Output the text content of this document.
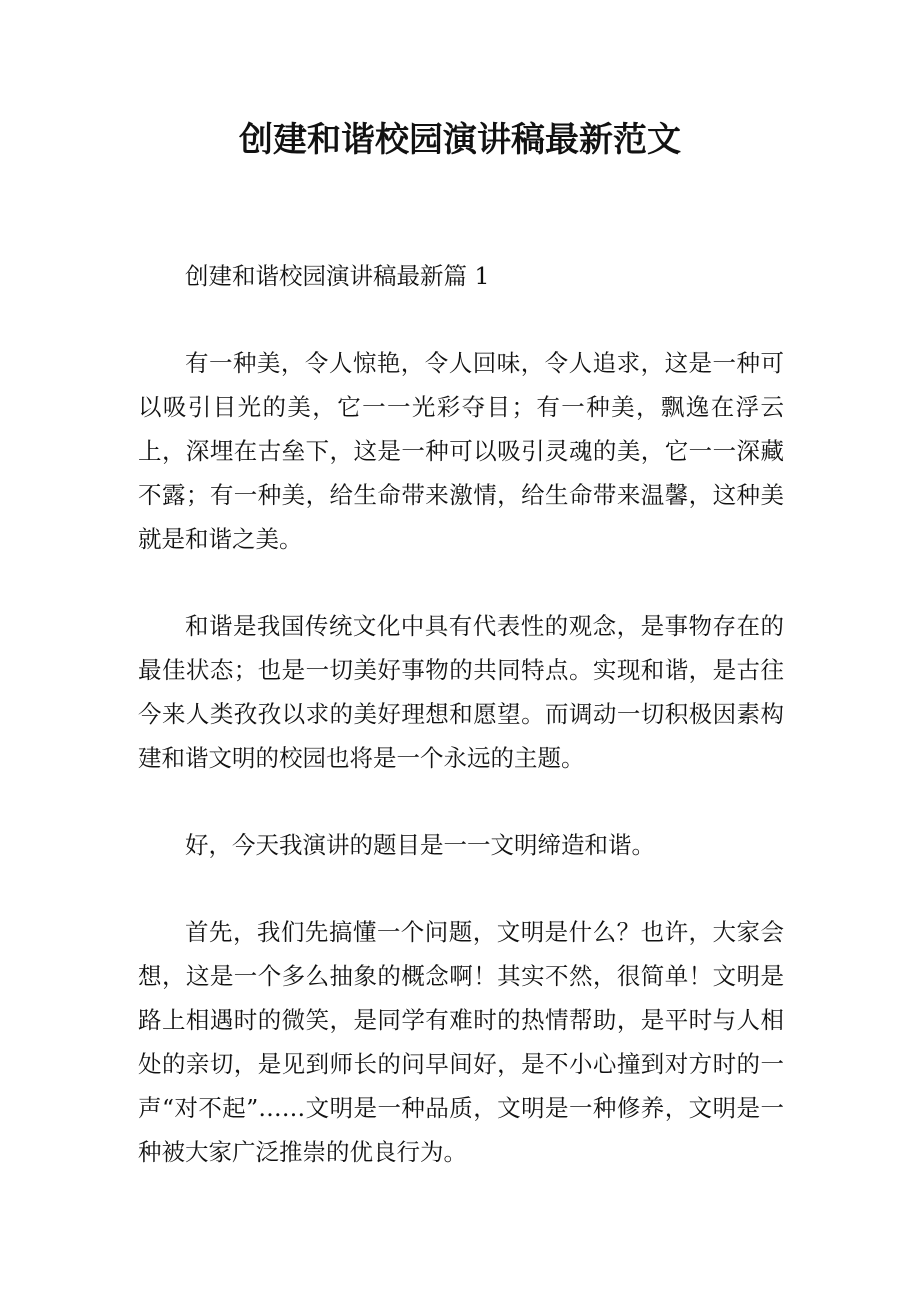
创建和谐校园演讲稿最新范文

创建和谐校园演讲稿最新篇 1

有一种美，令人惊艳，令人回味，令人追求，这是一种可以吸引目光的美，它一一光彩夺目；有一种美，飘逸在浮云上，深埋在古垒下，这是一种可以吸引灵魂的美，它一一深藏不露；有一种美，给生命带来激情，给生命带来温馨，这种美就是和谐之美。

和谐是我国传统文化中具有代表性的观念，是事物存在的最佳状态；也是一切美好事物的共同特点。实现和谐，是古往今来人类孜孜以求的美好理想和愿望。而调动一切积极因素构建和谐文明的校园也将是一个永远的主题。

好，今天我演讲的题目是一一文明缔造和谐。

首先，我们先搞懂一个问题，文明是什么？也许，大家会想，这是一个多么抽象的概念啊！其实不然，很简单！文明是路上相遇时的微笑，是同学有难时的热情帮助，是平时与人相处的亲切，是见到师长的问早间好，是不小心撞到对方时的一声“对不起”……文明是一种品质，文明是一种修养，文明是一种被大家广泛推崇的优良行为。
